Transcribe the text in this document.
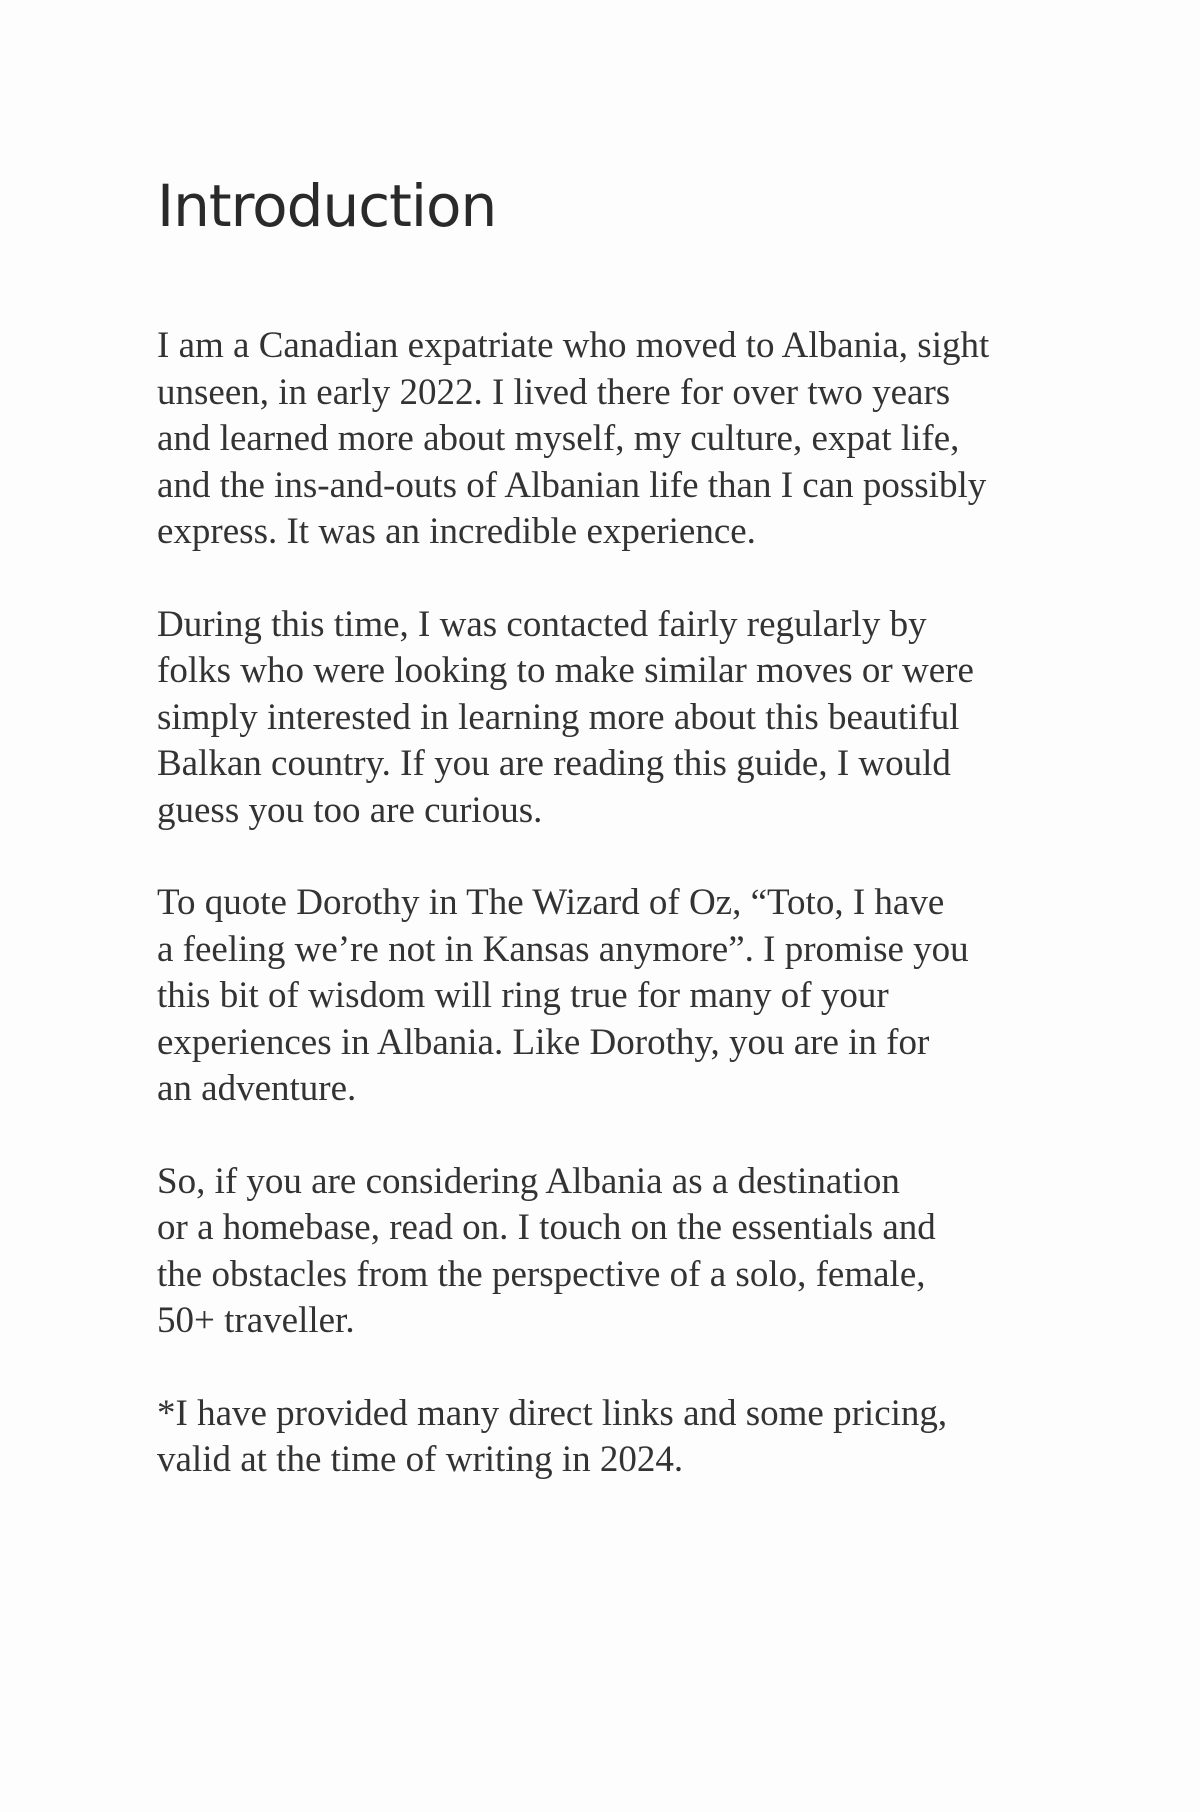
Introduction

I am a Canadian expatriate who moved to Albania, sight
unseen, in early 2022. I lived there for over two years
and learned more about myself, my culture, expat life,
and the ins-and-outs of Albanian life than I can possibly
express. It was an incredible experience.

During this time, I was contacted fairly regularly by
folks who were looking to make similar moves or were
simply interested in learning more about this beautiful
Balkan country. If you are reading this guide, I would
guess you too are curious.

To quote Dorothy in The Wizard of Oz, “Toto, I have
a feeling we’re not in Kansas anymore”. I promise you
this bit of wisdom will ring true for many of your
experiences in Albania. Like Dorothy, you are in for
an adventure.

So, if you are considering Albania as a destination
or a homebase, read on. I touch on the essentials and
the obstacles from the perspective of a solo, female,
50+ traveller.

*I have provided many direct links and some pricing,
valid at the time of writing in 2024.
